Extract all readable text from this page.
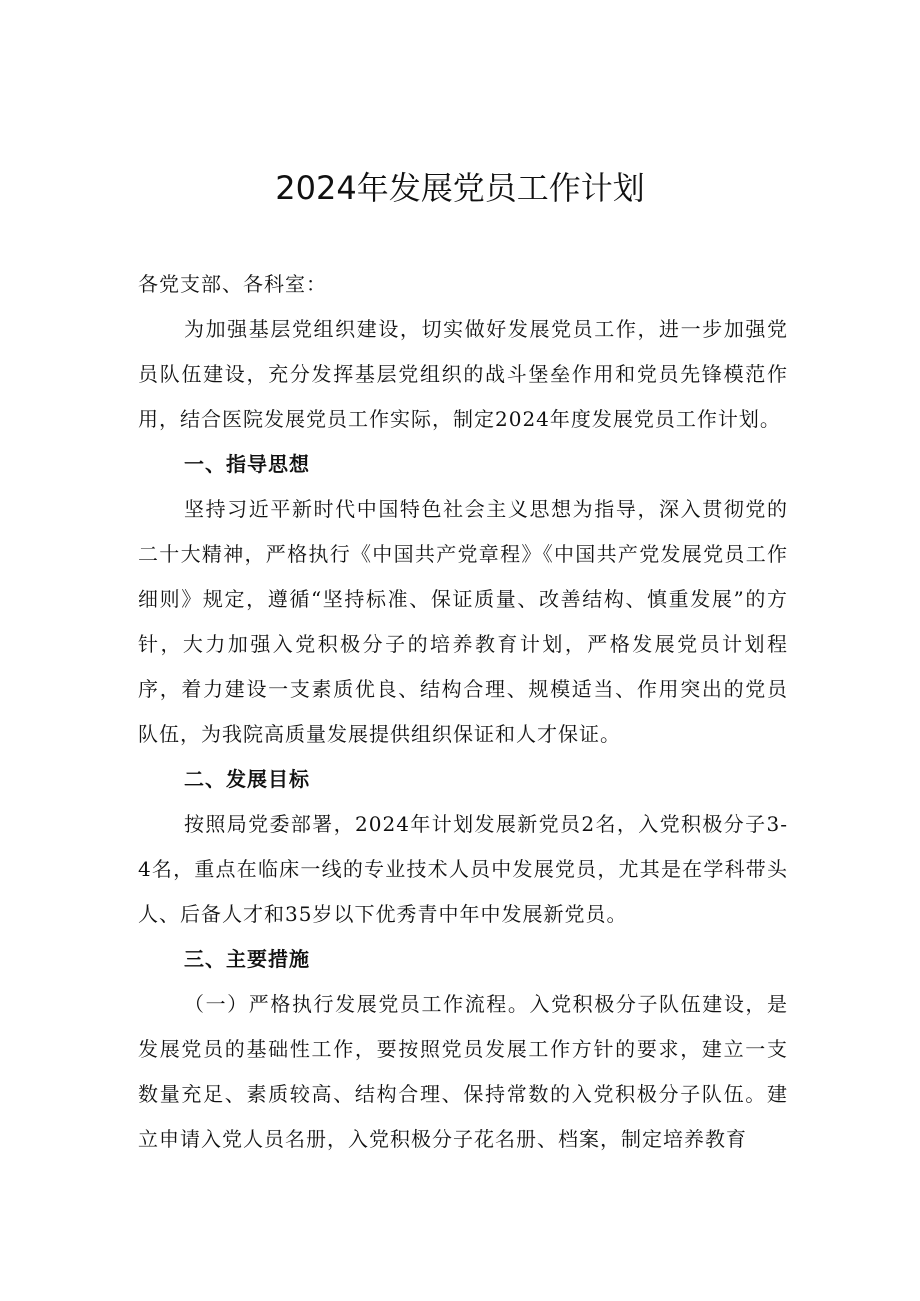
2024年发展党员工作计划

各党支部、各科室：

为加强基层党组织建设，切实做好发展党员工作，进一步加强党员队伍建设，充分发挥基层党组织的战斗堡垒作用和党员先锋模范作用，结合医院发展党员工作实际，制定2024年度发展党员工作计划。

一、指导思想

坚持习近平新时代中国特色社会主义思想为指导，深入贯彻党的二十大精神，严格执行《中国共产党章程》《中国共产党发展党员工作细则》规定，遵循“坚持标准、保证质量、改善结构、慎重发展”的方针，大力加强入党积极分子的培养教育计划，严格发展党员计划程序，着力建设一支素质优良、结构合理、规模适当、作用突出的党员队伍，为我院高质量发展提供组织保证和人才保证。

二、发展目标

按照局党委部署，2024年计划发展新党员2名，入党积极分子3-4名，重点在临床一线的专业技术人员中发展党员，尤其是在学科带头人、后备人才和35岁以下优秀青中年中发展新党员。

三、主要措施

（一）严格执行发展党员工作流程。入党积极分子队伍建设，是发展党员的基础性工作，要按照党员发展工作方针的要求，建立一支数量充足、素质较高、结构合理、保持常数的入党积极分子队伍。建立申请入党人员名册，入党积极分子花名册、档案，制定培养教育
